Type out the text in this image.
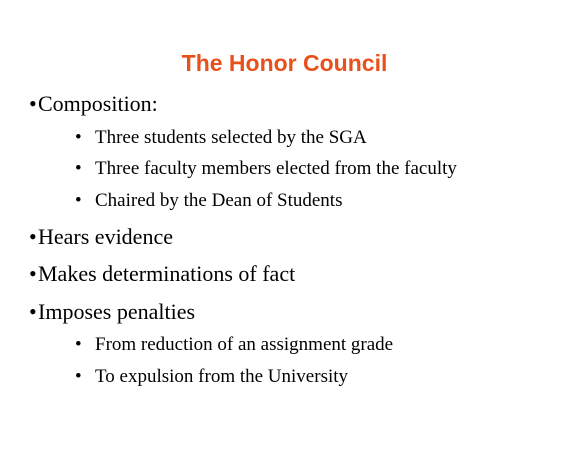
The Honor Council
•Composition:
• Three students selected by the SGA
• Three faculty members elected from the faculty
• Chaired by the Dean of Students
•Hears evidence
•Makes determinations of fact
•Imposes penalties
• From reduction of an assignment grade
• To expulsion from the University
